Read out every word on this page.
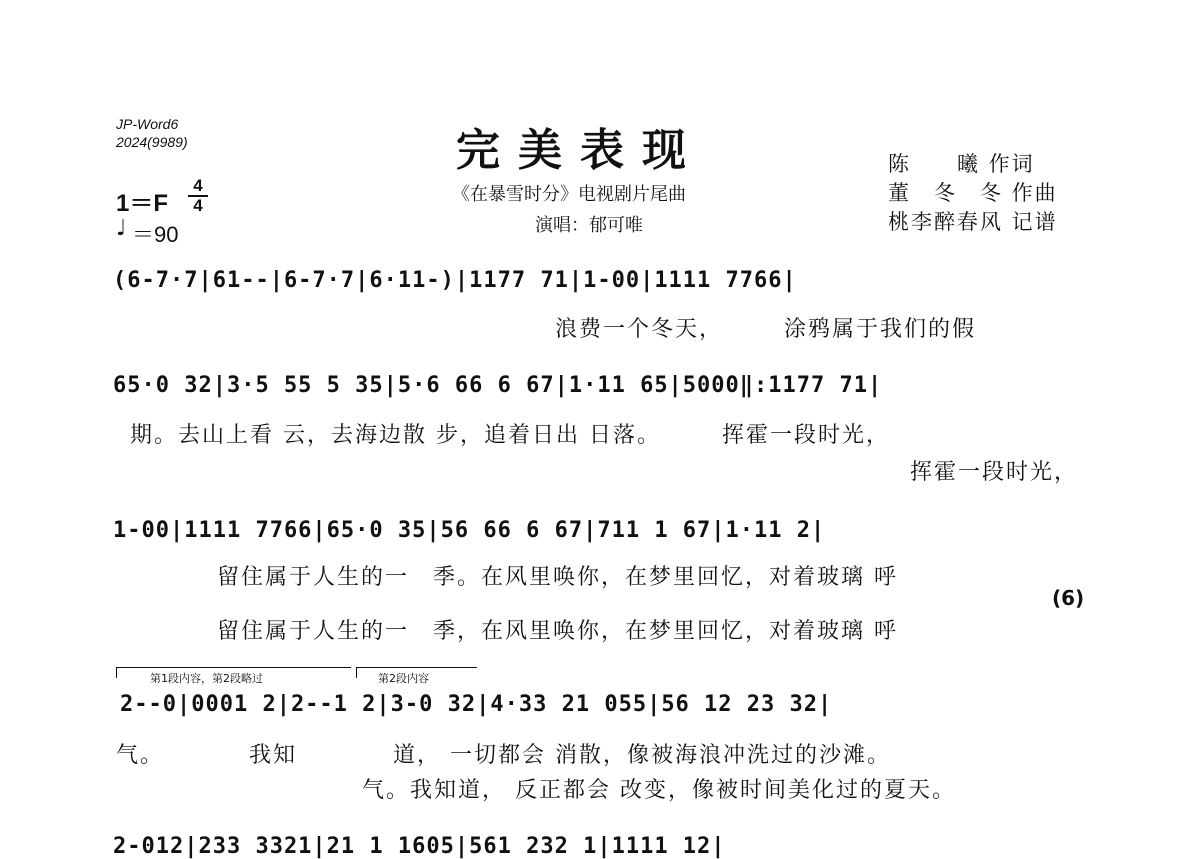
JP-Word6
2024(9989)	完美表现
《在暴雪时分》电视剧片尾曲
演唱：郁可唯
陈　　曦 作词
董　冬　冬 作曲
桃李醉春风 记谱
1＝F
4
4
♩ ＝90
(6-7·7|61--|6-7·7|6·11-)|1177 71|1-00|1111 7766|
浪费一个冬天，　　　涂鸦属于我们的假
65·0 32|3·5 55 5 35|5·6 66 6 67|1·11 65|5000‖:1177 71|
期。去山上看 云，去海边散 步，追着日出 日落。　　　挥霍一段时光，
挥霍一段时光，
1-00|1111 7766|65·0 35|56 66 6 67|711 1 67|1·11 2|
留住属于人生的一　季。在风里唤你，在梦里回忆，对着玻璃 呼
(6)
留住属于人生的一　季，在风里唤你，在梦里回忆，对着玻璃 呼
第1段内容，第2段略过	第2段内容
2--0|0001 2|2--1 2|3-0 32|4·33 21 055|56 12 23 32|
气。　　　　我知　　　　道， 一切都会 消散，像被海浪冲洗过的沙滩。
气。我知道， 反正都会 改变，像被时间美化过的夏天。
2-012|233 3321|21 1 1605|561 232 1|1111 12|
